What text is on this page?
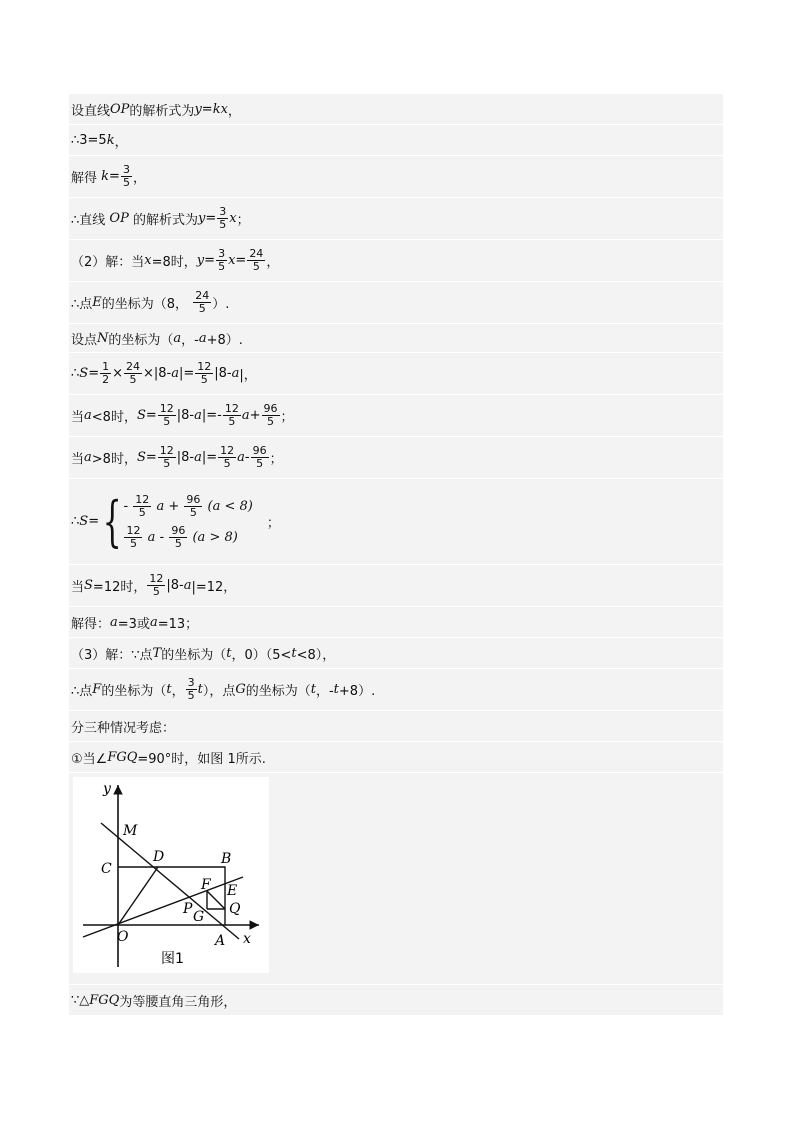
设直线 OP 的解析式为 y = kx ，
∴3=5 k ，
解得
$k = \frac{3}{5}$ ，
∴直线
OP
的解析式为 $y = \frac{3}{5}$ x ；
（2）解：当 x =8时， $y = \frac{3}{5}$ $x = \frac{24}{5}$ ，
∴点 E 的坐标为（8，
$\frac{24}{5}$ ）.
设点 N 的坐标为（ a ，- a +8）.
∴ $S = \frac{1}{2} \times \frac{24}{5} \times|8-$ a |= $\frac{12}{5} |8-$ a |，
当 a <8时， $S = \frac{12}{5} |8-$ a |=- $\frac{12}{5}$ $a + \frac{96}{5}$ ；
当 a >8时， $S = \frac{12}{5} |8-$ a |= $\frac{12}{5}$ a - $\frac{96}{5}$ ；
∴ S = { - $\frac{12}{5}$ $a + \frac{96}{5} (a < 8)$
$\frac{12}{5}$ $a - \frac{96}{5} (a > 8)$
；
当 S =12时， $\frac{12}{5} |8-$ a |=12，
解得： a =3或 a =13；
（3）解：∵点 T 的坐标为（ t ，0）（5< t <8），
∴点 F 的坐标为（ t ， $\frac{3}{5}$ t ），点 G 的坐标为（ t ，- t +8）.
分三种情况考虑：
①当∠ FGQ =90°时，如图 1所示.
y
x
M
D	B
C
F E
Q
P G
O	A
图1
∵△ FGQ 为等腰直角三角形，
